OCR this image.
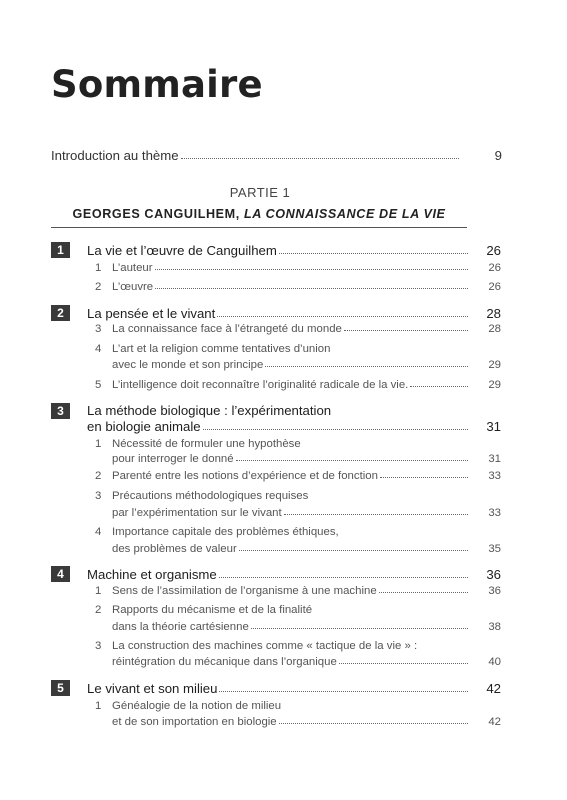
Sommaire
Introduction au thème	9
PARTIE 1
GEORGES CANGUILHEM, LA CONNAISSANCE DE LA VIE
1	La vie et l’œuvre de Canguilhem	26
1 L’auteur	26
2 L’œuvre	26
2	La pensée et le vivant	28
3 La connaissance face à l’étrangeté du monde	28
4 L’art et la religion comme tentatives d’union
avec le monde et son principe	29
5 L’intelligence doit reconnaître l’originalité radicale de la vie.	29
3 La méthode biologique : l’expérimentation
en biologie animale	31
1 Nécessité de formuler une hypothèse
pour interroger le donné	31
2 Parenté entre les notions d’expérience et de fonction	33
3 Précautions méthodologiques requises
par l’expérimentation sur le vivant	33
4 Importance capitale des problèmes éthiques,
des problèmes de valeur	35
4	Machine et organisme	36
1 Sens de l’assimilation de l’organisme à une machine	36
2 Rapports du mécanisme et de la finalité
dans la théorie cartésienne	38
3 La construction des machines comme « tactique de la vie » :
réintégration du mécanique dans l’organique	40
5	Le vivant et son milieu	42
1 Généalogie de la notion de milieu
et de son importation en biologie	42
